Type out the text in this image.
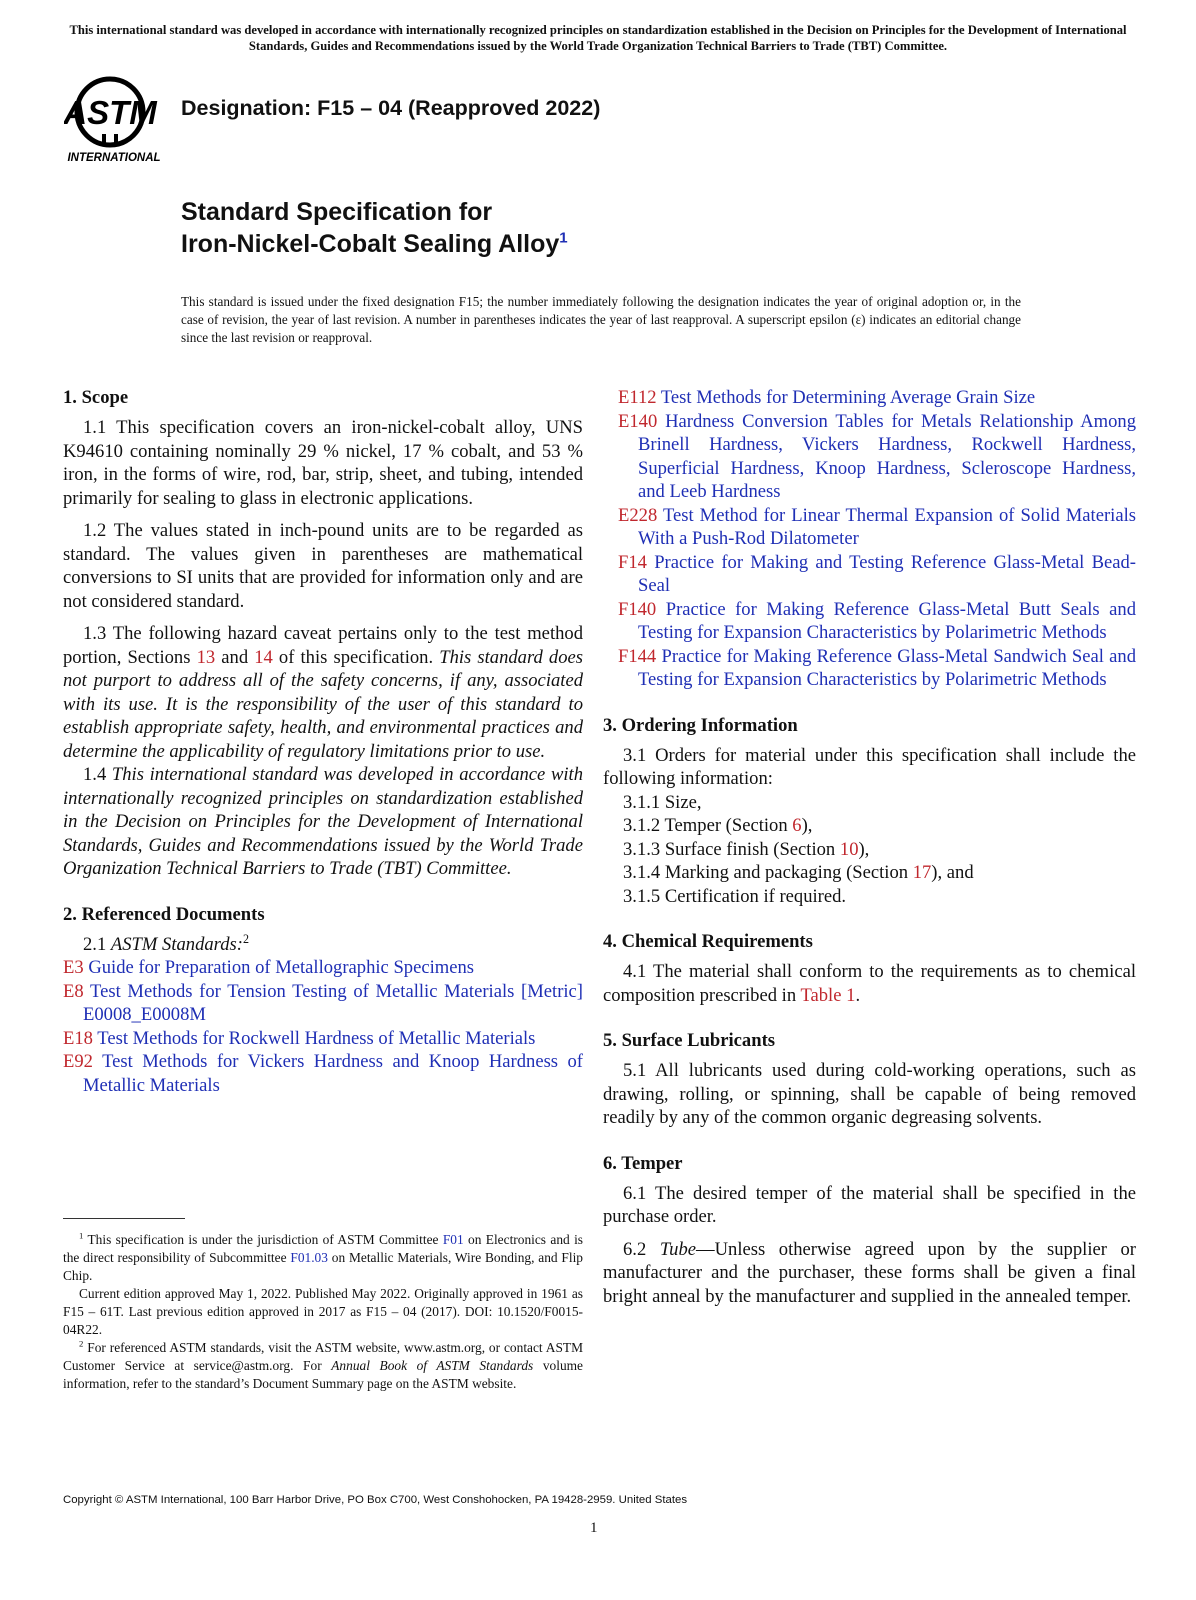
This international standard was developed in accordance with internationally recognized principles on standardization established in the Decision on Principles for the Development of International Standards, Guides and Recommendations issued by the World Trade Organization Technical Barriers to Trade (TBT) Committee.
ASTM
INTERNATIONAL
Designation: F15 – 04 (Reapproved 2022)
Standard Specification for
Iron-Nickel-Cobalt Sealing Alloy$^1$
This standard is issued under the fixed designation F15; the number immediately following the designation indicates the year of original adoption or, in the case of revision, the year of last revision. A number in parentheses indicates the year of last reapproval. A superscript epsilon (ε) indicates an editorial change since the last revision or reapproval.
1. Scope

1.1 This specification covers an iron-nickel-cobalt alloy, UNS K94610 containing nominally 29 % nickel, 17 % cobalt, and 53 % iron, in the forms of wire, rod, bar, strip, sheet, and tubing, intended primarily for sealing to glass in electronic applications.

1.2 The values stated in inch-pound units are to be regarded as standard. The values given in parentheses are mathematical conversions to SI units that are provided for information only and are not considered standard.

1.3 The following hazard caveat pertains only to the test method portion, Sections 13 and 14 of this specification. This standard does not purport to address all of the safety concerns, if any, associated with its use. It is the responsibility of the user of this standard to establish appropriate safety, health, and environmental practices and determine the applicability of regulatory limitations prior to use.

1.4 This international standard was developed in accordance with internationally recognized principles on standardization established in the Decision on Principles for the Development of International Standards, Guides and Recommendations issued by the World Trade Organization Technical Barriers to Trade (TBT) Committee.

2. Referenced Documents

2.1 ASTM Standards:$^2$

E3 Guide for Preparation of Metallographic Specimens

E8 Test Methods for Tension Testing of Metallic Materials [Metric] E0008_E0008M

E18 Test Methods for Rockwell Hardness of Metallic Materials

E92 Test Methods for Vickers Hardness and Knoop Hardness of Metallic Materials

$^1$ This specification is under the jurisdiction of ASTM Committee F01 on Electronics and is the direct responsibility of Subcommittee F01.03 on Metallic Materials, Wire Bonding, and Flip Chip.

Current edition approved May 1, 2022. Published May 2022. Originally approved in 1961 as F15 – 61T. Last previous edition approved in 2017 as F15 – 04 (2017). DOI: 10.1520/F0015-04R22.

$^2$ For referenced ASTM standards, visit the ASTM website, www.astm.org, or contact ASTM Customer Service at service@astm.org. For Annual Book of ASTM Standards volume information, refer to the standard’s Document Summary page on the ASTM website.

E112 Test Methods for Determining Average Grain Size

E140 Hardness Conversion Tables for Metals Relationship Among Brinell Hardness, Vickers Hardness, Rockwell Hardness, Superficial Hardness, Knoop Hardness, Scleroscope Hardness, and Leeb Hardness

E228 Test Method for Linear Thermal Expansion of Solid Materials With a Push-Rod Dilatometer

F14 Practice for Making and Testing Reference Glass-Metal Bead-Seal

F140 Practice for Making Reference Glass-Metal Butt Seals and Testing for Expansion Characteristics by Polarimetric Methods

F144 Practice for Making Reference Glass-Metal Sandwich Seal and Testing for Expansion Characteristics by Polarimetric Methods

3. Ordering Information

3.1 Orders for material under this specification shall include the following information:

3.1.1 Size,

3.1.2 Temper (Section 6),

3.1.3 Surface finish (Section 10),

3.1.4 Marking and packaging (Section 17), and

3.1.5 Certification if required.

4. Chemical Requirements

4.1 The material shall conform to the requirements as to chemical composition prescribed in Table 1.

5. Surface Lubricants

5.1 All lubricants used during cold-working operations, such as drawing, rolling, or spinning, shall be capable of being removed readily by any of the common organic degreasing solvents.

6. Temper

6.1 The desired temper of the material shall be specified in the purchase order.

6.2 Tube—Unless otherwise agreed upon by the supplier or manufacturer and the purchaser, these forms shall be given a final bright anneal by the manufacturer and supplied in the annealed temper.

Copyright © ASTM International, 100 Barr Harbor Drive, PO Box C700, West Conshohocken, PA 19428-2959. United States
1
